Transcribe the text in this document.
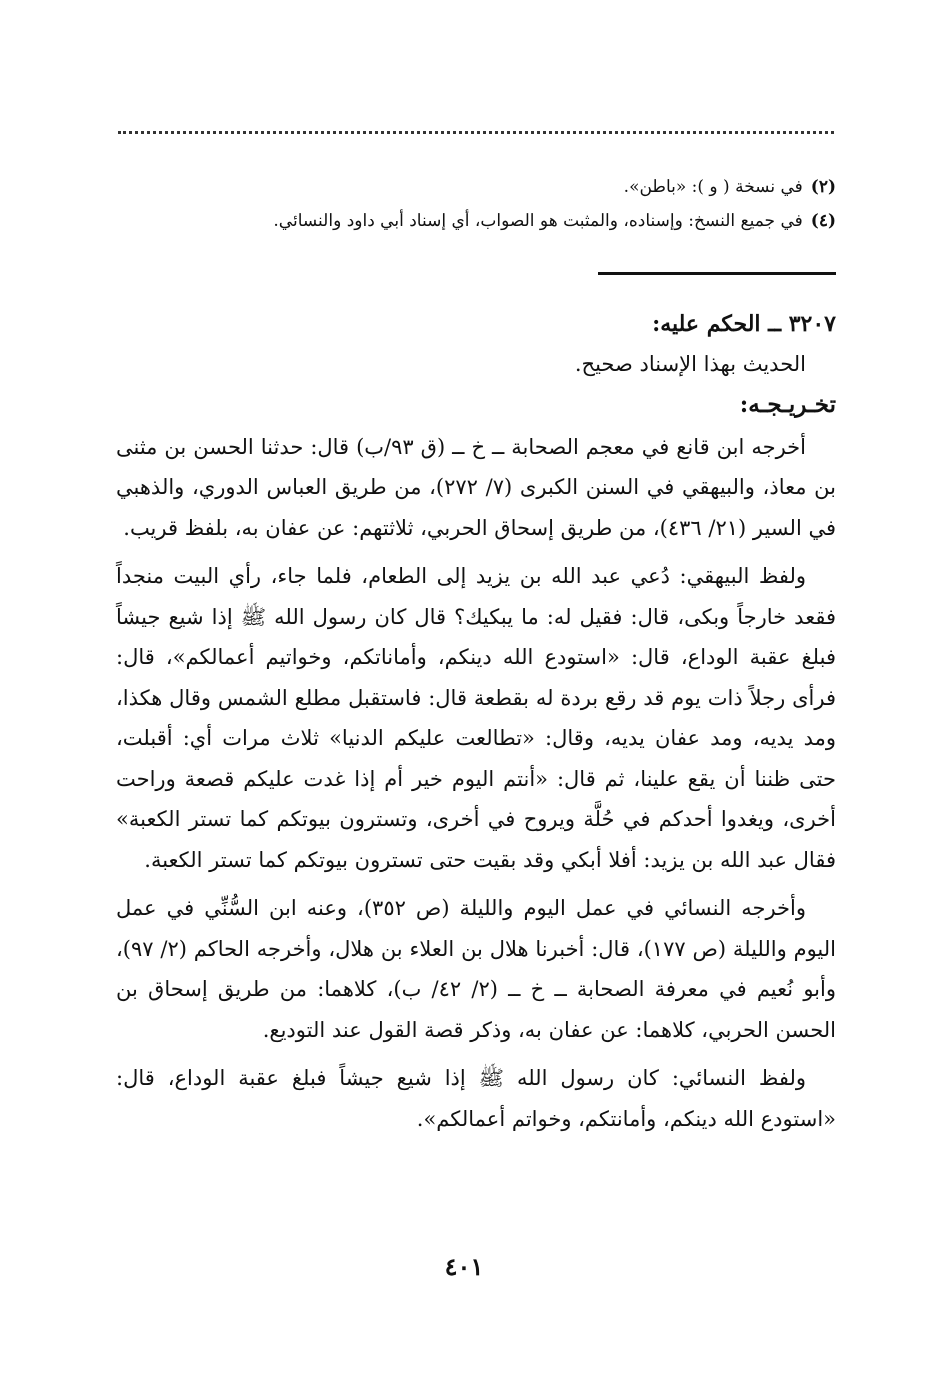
(٢)في نسخة ( و ): «باطن».

(٤)في جميع النسخ: وإسناده، والمثبت هو الصواب، أي إسناد أبي داود والنسائي.

٣٢٠٧ ــ الحكم عليه:

الحديث بهذا الإسناد صحيح.

تخـريـجـه:

أخرجه ابن قانع في معجم الصحابة ــ خ ــ (ق ٩٣/ب) قال: حدثنا الحسن بن مثنى بن معاذ، والبيهقي في السنن الكبرى (٧/ ٢٧٢)، من طريق العباس الدوري، والذهبي في السير (٢١/ ٤٣٦)، من طريق إسحاق الحربي، ثلاثتهم: عن عفان به، بلفظ قريب.

ولفظ البيهقي: دُعي عبد الله بن يزيد إلى الطعام، فلما جاء، رأي البيت منجداً فقعد خارجاً وبكى، قال: فقيل له: ما يبكيك؟ قال كان رسول الله ﷺ إذا شيع جيشاً فبلغ عقبة الوداع، قال: «استودع الله دينكم، وأماناتكم، وخواتيم أعمالكم»، قال: فرأى رجلاً ذات يوم قد رقع بردة له بقطعة قال: فاستقبل مطلع الشمس وقال هكذا، ومد يديه، ومد عفان يديه، وقال: «تطالعت عليكم الدنيا» ثلاث مرات أي: أقبلت، حتى ظننا أن يقع علينا، ثم قال: «أنتم اليوم خير أم إذا غدت عليكم قصعة وراحت أخرى، ويغدوا أحدكم في حُلَّة ويروح في أخرى، وتسترون بيوتكم كما تستر الكعبة» فقال عبد الله بن يزيد: أفلا أبكي وقد بقيت حتى تسترون بيوتكم كما تستر الكعبة.

وأخرجه النسائي في عمل اليوم والليلة (ص ٣٥٢)، وعنه ابن السُّنِّي في عمل اليوم والليلة (ص ١٧٧)، قال: أخبرنا هلال بن العلاء بن هلال، وأخرجه الحاكم (٢/ ٩٧)، وأبو نُعيم في معرفة الصحابة ــ خ ــ (٢/ ٤٢/ ب)، كلاهما: من طريق إسحاق بن الحسن الحربي، كلاهما: عن عفان به، وذكر قصة القول عند التوديع.

ولفظ النسائي: كان رسول الله ﷺ إذا شيع جيشاً فبلغ عقبة الوداع، قال: «استودع الله دينكم، وأمانتكم، وخواتم أعمالكم».

٤٠١
